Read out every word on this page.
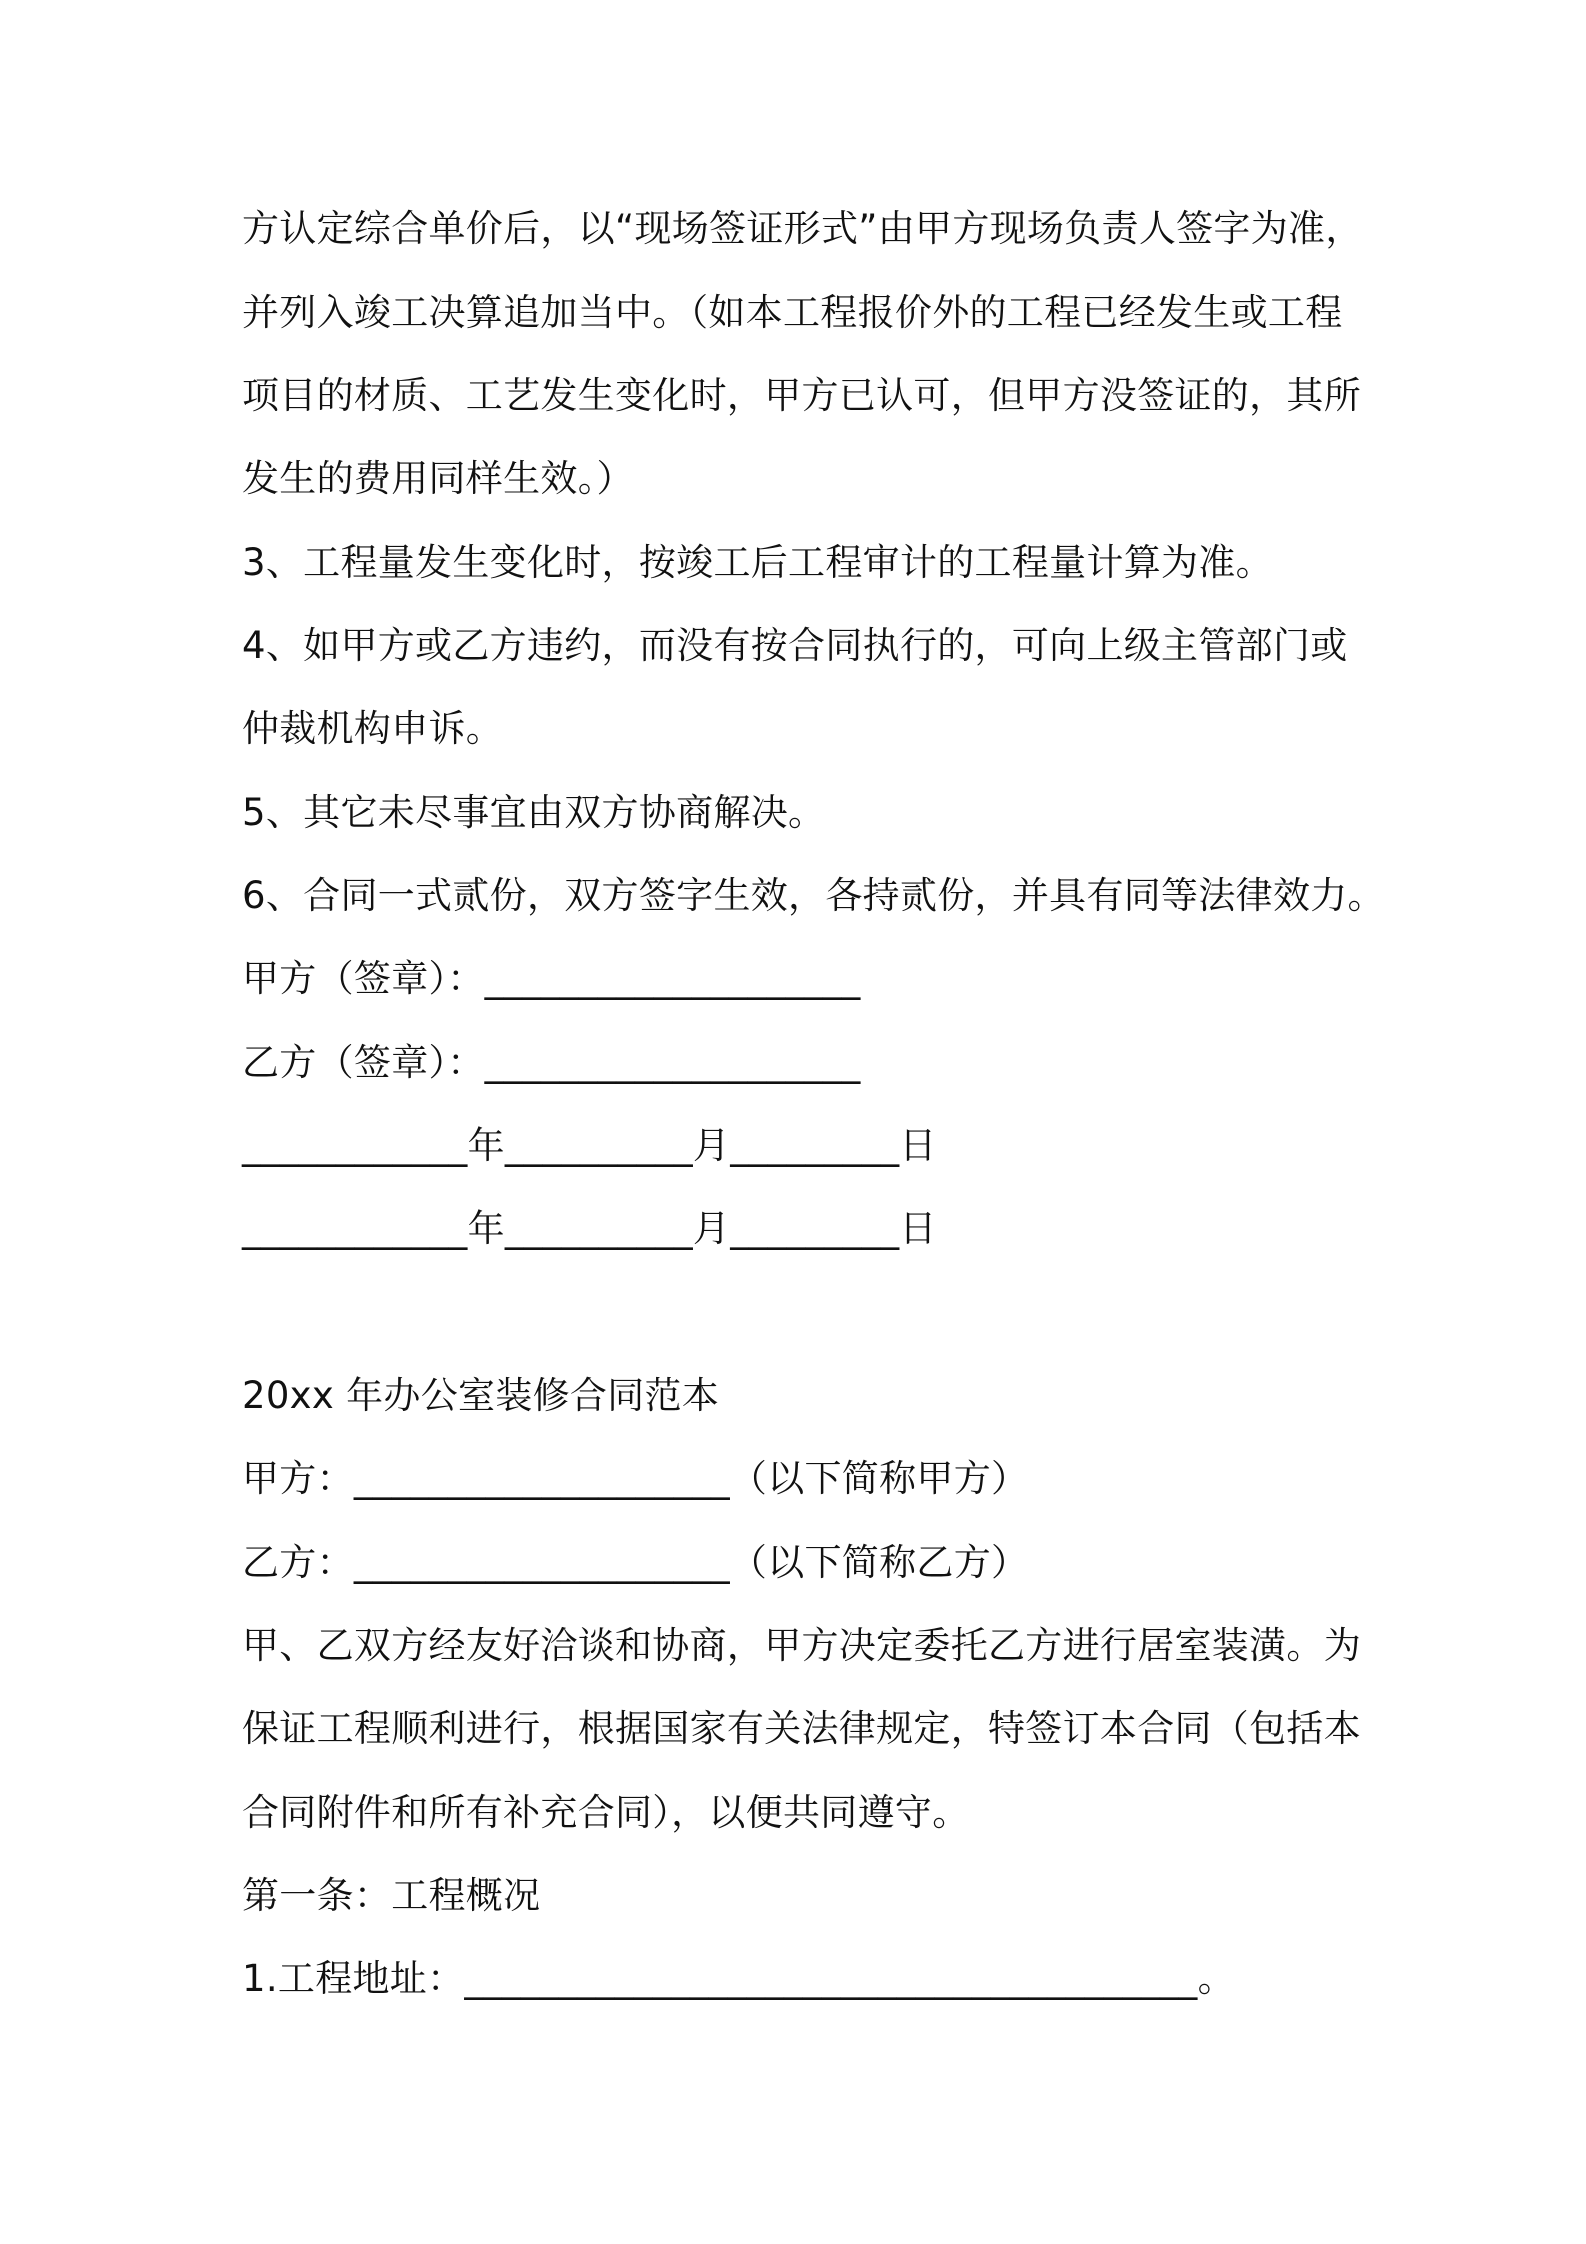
方认定综合单价后，以“现场签证形式”由甲方现场负责人签字为准，

并列入竣工决算追加当中。（如本工程报价外的工程已经发生或工程

项目的材质、工艺发生变化时，甲方已认可，但甲方没签证的，其所

发生的费用同样生效。）

3、工程量发生变化时，按竣工后工程审计的工程量计算为准。

4、如甲方或乙方违约，而没有按合同执行的，可向上级主管部门或

仲裁机构申诉。

5、其它未尽事宜由双方协商解决。

6、合同一式贰份，双方签字生效，各持贰份，并具有同等法律效力。

甲方（签章）：____________________

乙方（签章）：____________________

____________年__________月_________日

____________年__________月_________日

20xx 年办公室装修合同范本

甲方：____________________（以下简称甲方）

乙方：____________________（以下简称乙方）

甲、乙双方经友好洽谈和协商，甲方决定委托乙方进行居室装潢。为

保证工程顺利进行，根据国家有关法律规定，特签订本合同（包括本

合同附件和所有补充合同），以便共同遵守。

第一条：工程概况

1.工程地址：_______________________________________。
